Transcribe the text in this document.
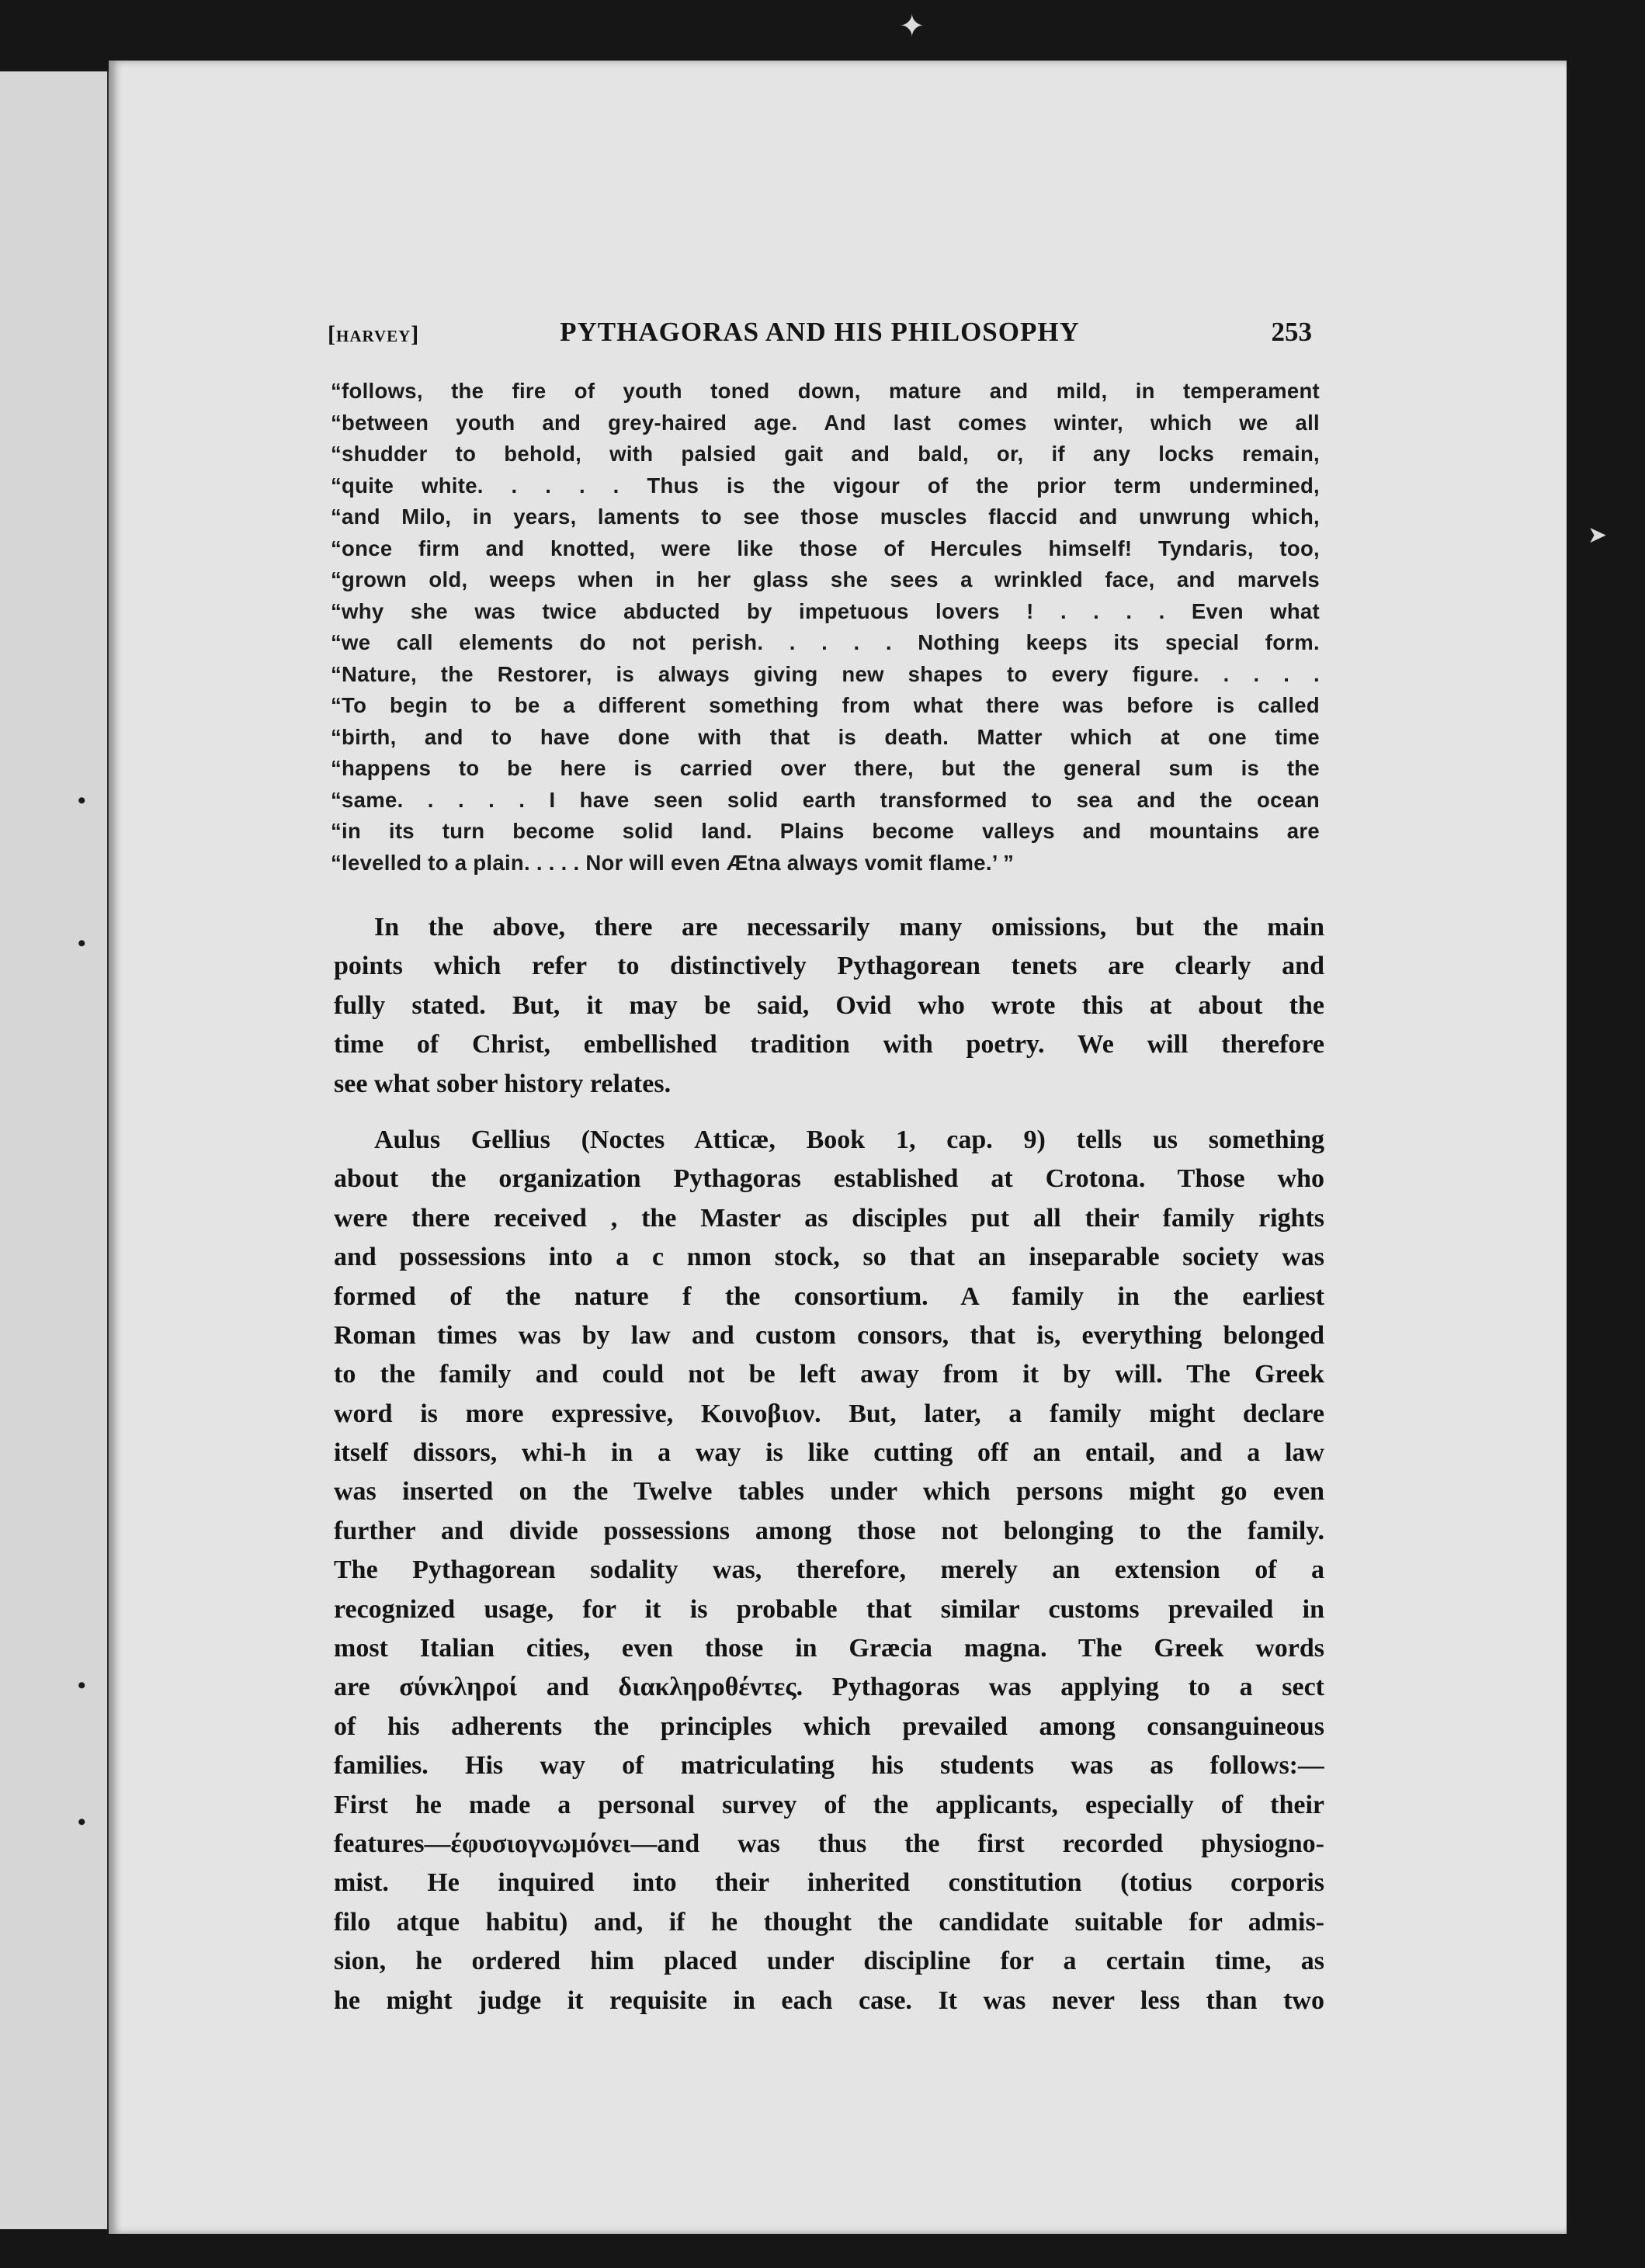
✦
➤
•
•
•
•
[harvey]	PYTHAGORAS AND HIS PHILOSOPHY	253
“follows, the fire of youth toned down, mature and mild, in temperament
“between youth and grey-haired age. And last comes winter, which we all
“shudder to behold, with palsied gait and bald, or, if any locks remain,
“quite white. . . . . Thus is the vigour of the prior term undermined,
“and Milo, in years, laments to see those muscles flaccid and unwrung which,
“once firm and knotted, were like those of Hercules himself! Tyndaris, too,
“grown old, weeps when in her glass she sees a wrinkled face, and marvels
“why she was twice abducted by impetuous lovers ! . . . . Even what
“we call elements do not perish. . . . . Nothing keeps its special form.
“Nature, the Restorer, is always giving new shapes to every figure. . . . .
“To begin to be a different something from what there was before is called
“birth, and to have done with that is death. Matter which at one time
“happens to be here is carried over there, but the general sum is the
“same. . . . . I have seen solid earth transformed to sea and the ocean
“in its turn become solid land. Plains become valleys and mountains are
“levelled to a plain. . . . . Nor will even Ætna always vomit flame.’ ”
In the above, there are necessarily many omissions, but the main
points which refer to distinctively Pythagorean tenets are clearly and
fully stated. But, it may be said, Ovid who wrote this at about the
time of Christ, embellished tradition with poetry. We will therefore
see what sober history relates.
Aulus Gellius (Noctes Atticæ, Book 1, cap. 9) tells us something
about the organization Pythagoras established at Crotona. Those who
were there received , the Master as disciples put all their family rights
and possessions into a c nmon stock, so that an inseparable society was
formed of the nature f the consortium. A family in the earliest
Roman times was by law and custom consors, that is, everything belonged
to the family and could not be left away from it by will. The Greek
word is more expressive, Κοινοβιον. But, later, a family might declare
itself dissors, whi-h in a way is like cutting off an entail, and a law
was inserted on the Twelve tables under which persons might go even
further and divide possessions among those not belonging to the family.
The Pythagorean sodality was, therefore, merely an extension of a
recognized usage, for it is probable that similar customs prevailed in
most Italian cities, even those in Græcia magna. The Greek words
are σύνκληροί and διακληροθέντες. Pythagoras was applying to a sect
of his adherents the principles which prevailed among consanguineous
families. His way of matriculating his students was as follows:—
First he made a personal survey of the applicants, especially of their
features—έφυσιογνωμόνει—and was thus the first recorded physiogno-
mist. He inquired into their inherited constitution (totius corporis
filo atque habitu) and, if he thought the candidate suitable for admis-
sion, he ordered him placed under discipline for a certain time, as
he might judge it requisite in each case. It was never less than two
